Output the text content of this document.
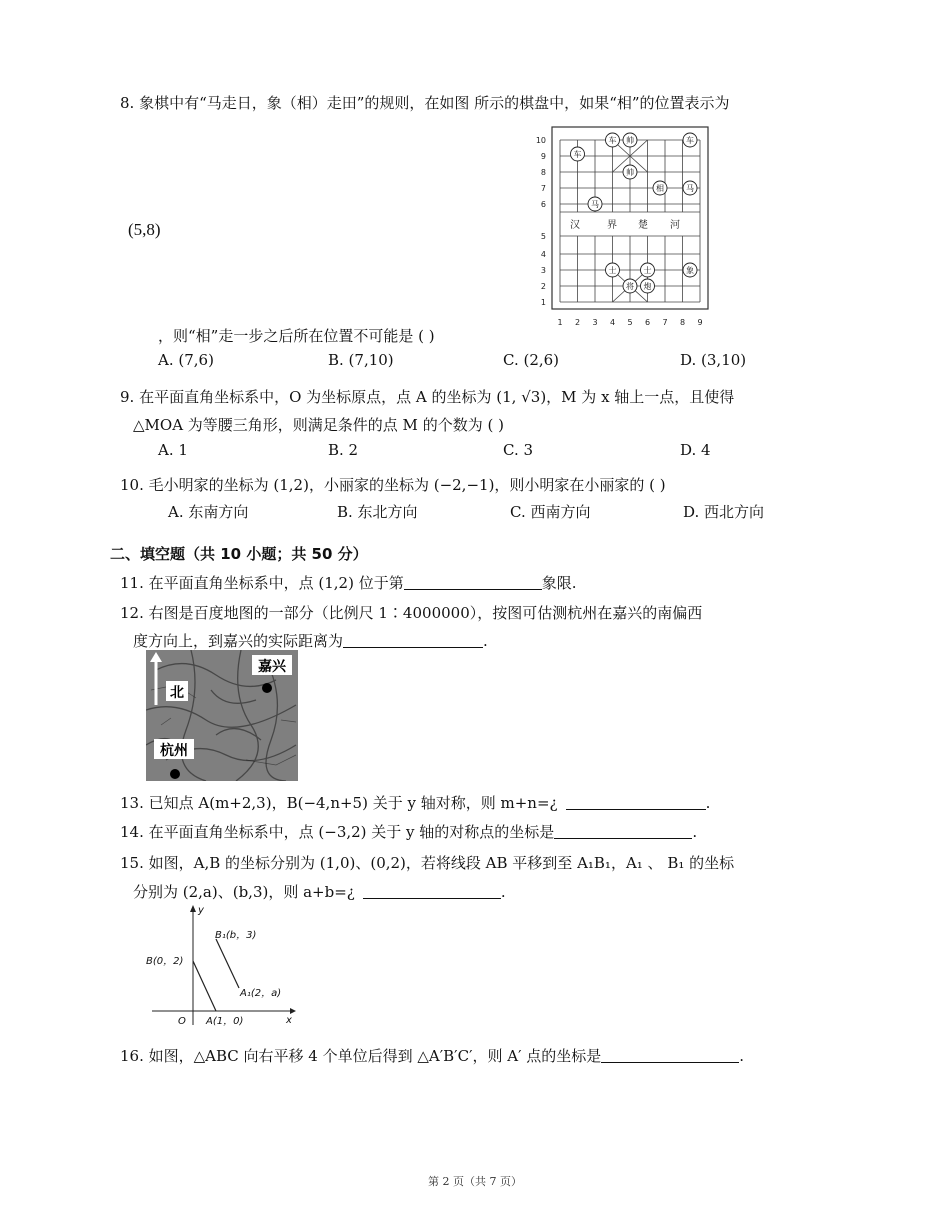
8. 象棋中有“马走日，象（相）走田”的规则，在如图 所示的棋盘中，如果“相”的位置表示为
(5,8)
，则“相”走一步之后所在位置不可能是 ( )
A. (7,6)	B. (7,10)	C. (2,6)	D. (3,10)
10
9
8
7
6
5
4
3
2
1
1 2 3 4 5 6 7 8 9
汉	界 楚 河
车 帅	车
车
帅
相	马
马
士	士	象
将 炮
9. 在平面直角坐标系中，O 为坐标原点，点 A 的坐标为 (1, √3)，M 为 x 轴上一点，且使得
△MOA 为等腰三角形，则满足条件的点 M 的个数为 ( )
A. 1	B. 2	C. 3	D. 4
10. 毛小明家的坐标为 (1,2)，小丽家的坐标为 (−2,−1)，则小明家在小丽家的 ( )
A. 东南方向	B. 东北方向	C. 西南方向	D. 西北方向
二、填空题（共 10 小题；共 50 分）
11. 在平面直角坐标系中，点 (1,2) 位于第	象限.
12. 右图是百度地图的一部分（比例尺 1∶4000000），按图可估测杭州在嘉兴的南偏西
度方向上，到嘉兴的实际距离为	.
北
嘉兴
杭州
13. 已知点 A(m+2,3)，B(−4,n+5) 关于 y 轴对称，则 m+n=¿	.
14. 在平面直角坐标系中，点 (−3,2) 关于 y 轴的对称点的坐标是	.
15. 如图，A,B 的坐标分别为 (1,0)、(0,2)，若将线段 AB 平移到至 A₁B₁，A₁ 、 B₁ 的坐标
分别为 (2,a)、(b,3)，则 a+b=¿	.
y
x
O
B₁(b，3)
B(0，2)
A₁(2，a)
A(1，0)
16. 如图，△ABC 向右平移 4 个单位后得到 △A′B′C′，则 A′ 点的坐标是	.
第 2 页（共 7 页）
